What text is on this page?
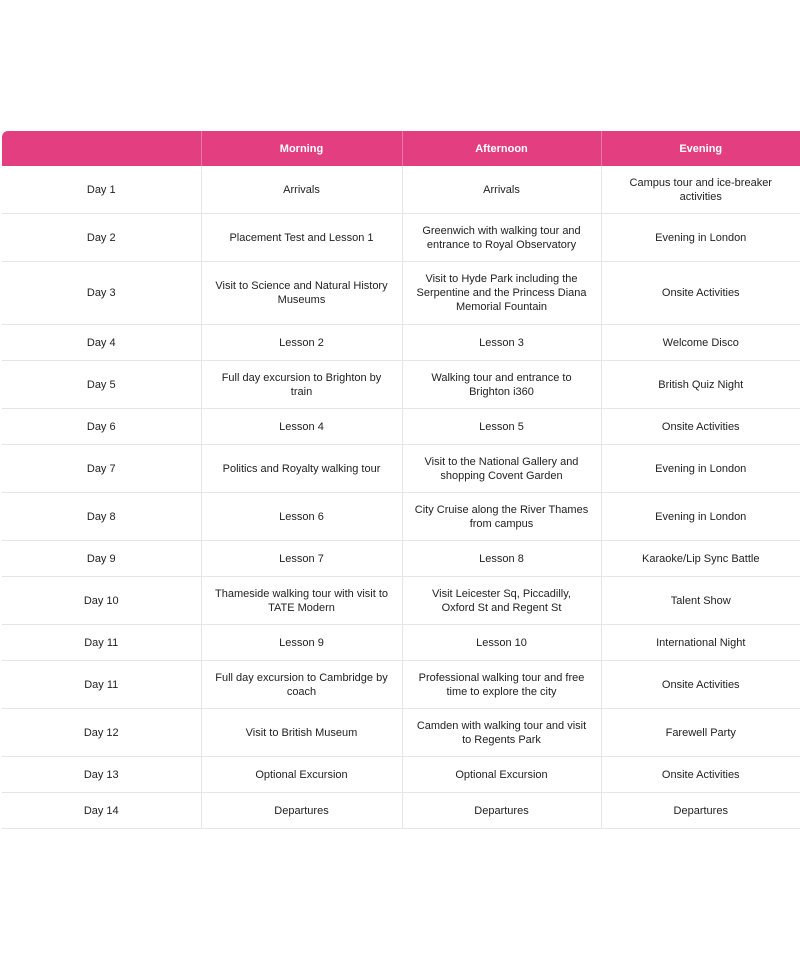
	Morning	Afternoon	Evening
Day 1	Arrivals	Arrivals	Campus tour and ice-breaker activities
Day 2	Placement Test and Lesson 1	Greenwich with walking tour and entrance to Royal Observatory	Evening in London
Day 3	Visit to Science and Natural History Museums	Visit to Hyde Park including the Serpentine and the Princess Diana Memorial Fountain	Onsite Activities
Day 4	Lesson 2	Lesson 3	Welcome Disco
Day 5	Full day excursion to Brighton by train	Walking tour and entrance to Brighton i360	British Quiz Night
Day 6	Lesson 4	Lesson 5	Onsite Activities
Day 7	Politics and Royalty walking tour	Visit to the National Gallery and shopping Covent Garden	Evening in London
Day 8	Lesson 6	City Cruise along the River Thames from campus	Evening in London
Day 9	Lesson 7	Lesson 8	Karaoke/Lip Sync Battle
Day 10	Thameside walking tour with visit to TATE Modern	Visit Leicester Sq, Piccadilly, Oxford St and Regent St	Talent Show
Day 11	Lesson 9	Lesson 10	International Night
Day 11	Full day excursion to Cambridge by coach	Professional walking tour and free time to explore the city	Onsite Activities
Day 12	Visit to British Museum	Camden with walking tour and visit to Regents Park	Farewell Party
Day 13	Optional Excursion	Optional Excursion	Onsite Activities
Day 14	Departures	Departures	Departures
